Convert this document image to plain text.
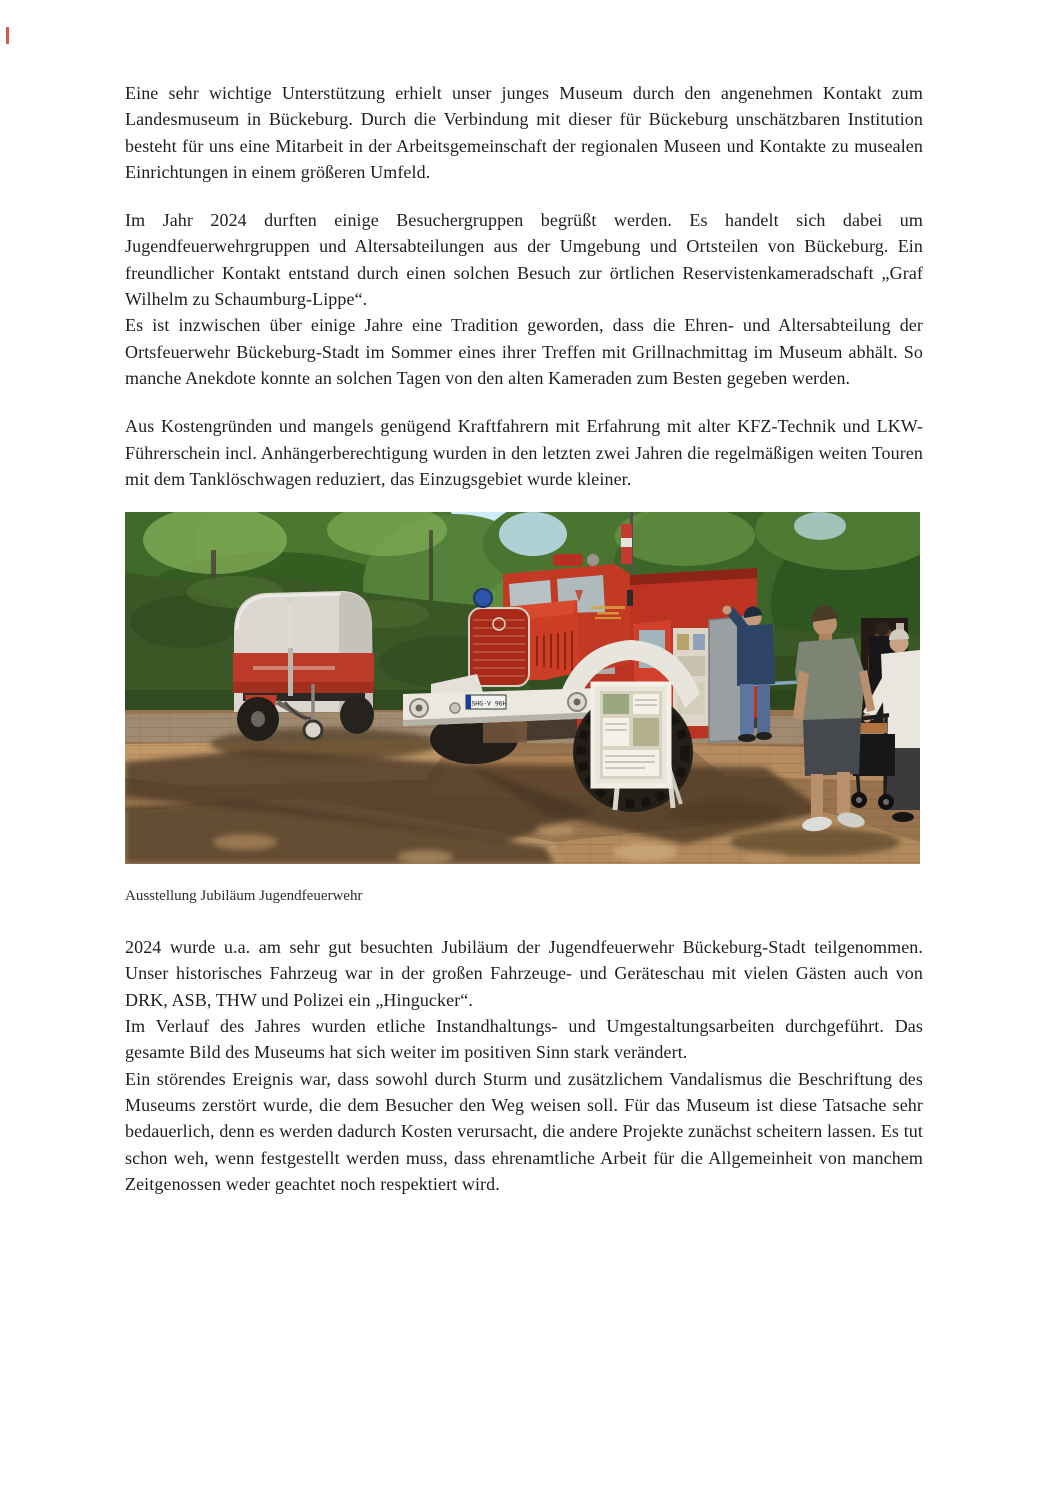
Eine sehr wichtige Unterstützung erhielt unser junges Museum durch den angenehmen Kontakt zum Landesmuseum in Bückeburg. Durch die Verbindung mit dieser für Bückeburg unschätzbaren Institution besteht für uns eine Mitarbeit in der Arbeitsgemeinschaft der regionalen Museen und Kontakte zu musealen Einrichtungen in einem größeren Umfeld.

Im Jahr 2024 durften einige Besuchergruppen begrüßt werden. Es handelt sich dabei um Jugendfeuerwehrgruppen und Altersabteilungen aus der Umgebung und Ortsteilen von Bückeburg. Ein freundlicher Kontakt entstand durch einen solchen Besuch zur örtlichen Reservistenkameradschaft „Graf Wilhelm zu Schaumburg-Lippe“.

Es ist inzwischen über einige Jahre eine Tradition geworden, dass die Ehren- und Altersabteilung der Ortsfeuerwehr Bückeburg-Stadt im Sommer eines ihrer Treffen mit Grillnachmittag im Museum abhält. So manche Anekdote konnte an solchen Tagen von den alten Kameraden zum Besten gegeben werden.

Aus Kostengründen und mangels genügend Kraftfahrern mit Erfahrung mit alter KFZ-Technik und LKW-Führerschein incl. Anhängerberechtigung wurden in den letzten zwei Jahren die regelmäßigen weiten Touren mit dem Tanklöschwagen reduziert, das Einzugsgebiet wurde kleiner.

SHG-V 96H
Ausstellung Jubiläum Jugendfeuerwehr

2024 wurde u.a. am sehr gut besuchten Jubiläum der Jugendfeuerwehr Bückeburg-Stadt teilgenommen. Unser historisches Fahrzeug war in der großen Fahrzeuge- und Geräteschau mit vielen Gästen auch von DRK, ASB, THW und Polizei ein „Hingucker“.

Im Verlauf des Jahres wurden etliche Instandhaltungs- und Umgestaltungsarbeiten durchgeführt. Das gesamte Bild des Museums hat sich weiter im positiven Sinn stark verändert.

Ein störendes Ereignis war, dass sowohl durch Sturm und zusätzlichem Vandalismus die Beschriftung des Museums zerstört wurde, die dem Besucher den Weg weisen soll. Für das Museum ist diese Tatsache sehr bedauerlich, denn es werden dadurch Kosten verursacht, die andere Projekte zunächst scheitern lassen. Es tut schon weh, wenn festgestellt werden muss, dass ehrenamtliche Arbeit für die Allgemeinheit von manchem Zeitgenossen weder geachtet noch respektiert wird.
